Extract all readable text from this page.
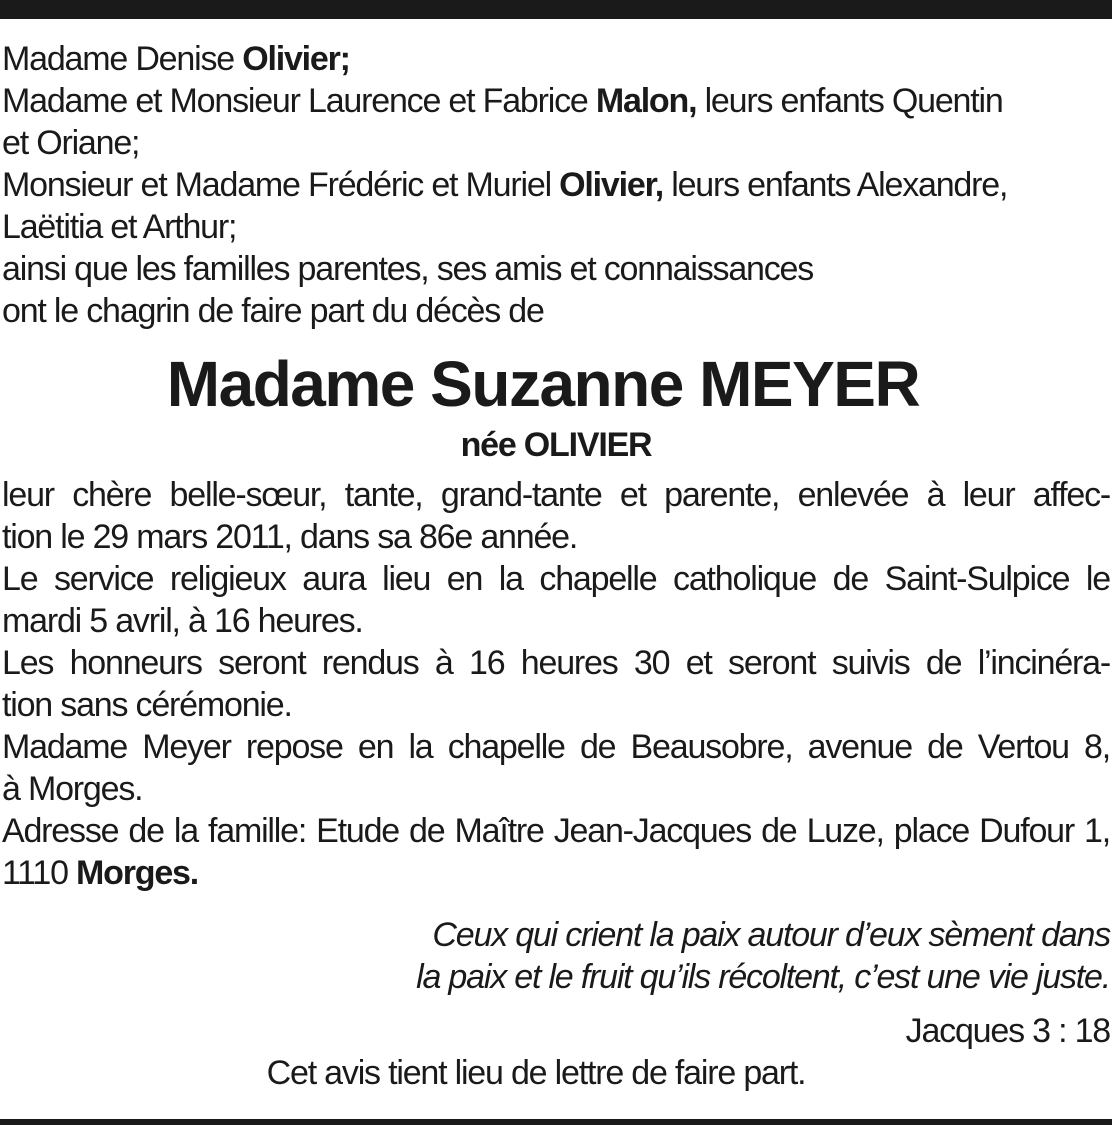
Madame Denise Olivier;
Madame et Monsieur Laurence et Fabrice Malon, leurs enfants Quentin
et Oriane;
Monsieur et Madame Frédéric et Muriel Olivier, leurs enfants Alexandre,
Laëtitia et Arthur;
ainsi que les familles parentes, ses amis et connaissances
ont le chagrin de faire part du décès de
Madame Suzanne MEYER
née OLIVIER
leur chère belle-sœur, tante, grand-tante et parente, enlevée à leur affec-
tion le 29 mars 2011, dans sa 86e année.
Le service religieux aura lieu en la chapelle catholique de Saint-Sulpice le
mardi 5 avril, à 16 heures.
Les honneurs seront rendus à 16 heures 30 et seront suivis de l’incinéra-
tion sans cérémonie.
Madame Meyer repose en la chapelle de Beausobre, avenue de Vertou 8,
à Morges.
Adresse de la famille: Etude de Maître Jean-Jacques de Luze, place Dufour 1,
1110 Morges.
Ceux qui crient la paix autour d’eux sèment dans
la paix et le fruit qu’ils récoltent, c’est une vie juste.
Jacques 3 : 18
Cet avis tient lieu de lettre de faire part.
